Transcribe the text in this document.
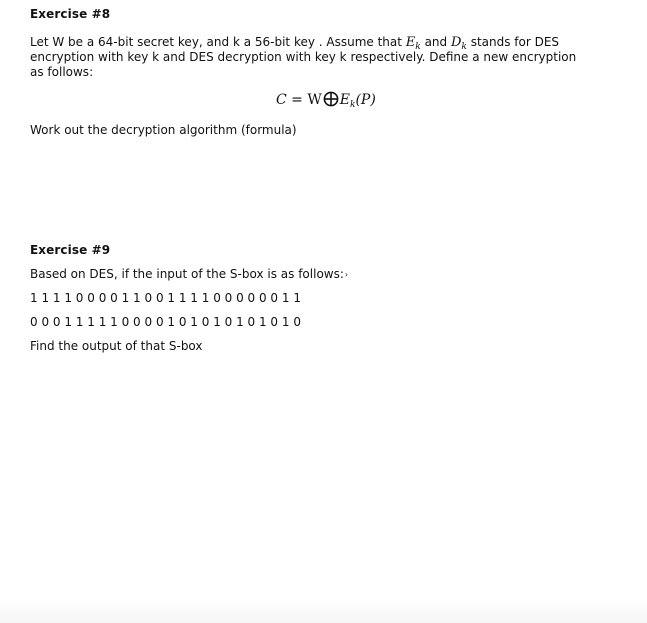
Exercise #8
Let W be a 64-bit secret key, and k a 56-bit key . Assume that $E_k$ and $D_k$ stands for DES encryption with key k and DES decryption with key k respectively. Define a new encryption as follows:
C = W $E_k(P)$
Work out the decryption algorithm (formula)
Exercise #9
Based on DES, if the input of the S-box is as follows:›
1 1 1 1 0 0 0 0 1 1 0 0 1 1 1 1 0 0 0 0 0 0 1 1
0 0 0 1 1 1 1 1 0 0 0 0 1 0 1 0 1 0 1 0 1 0 1 0
Find the output of that S-box
